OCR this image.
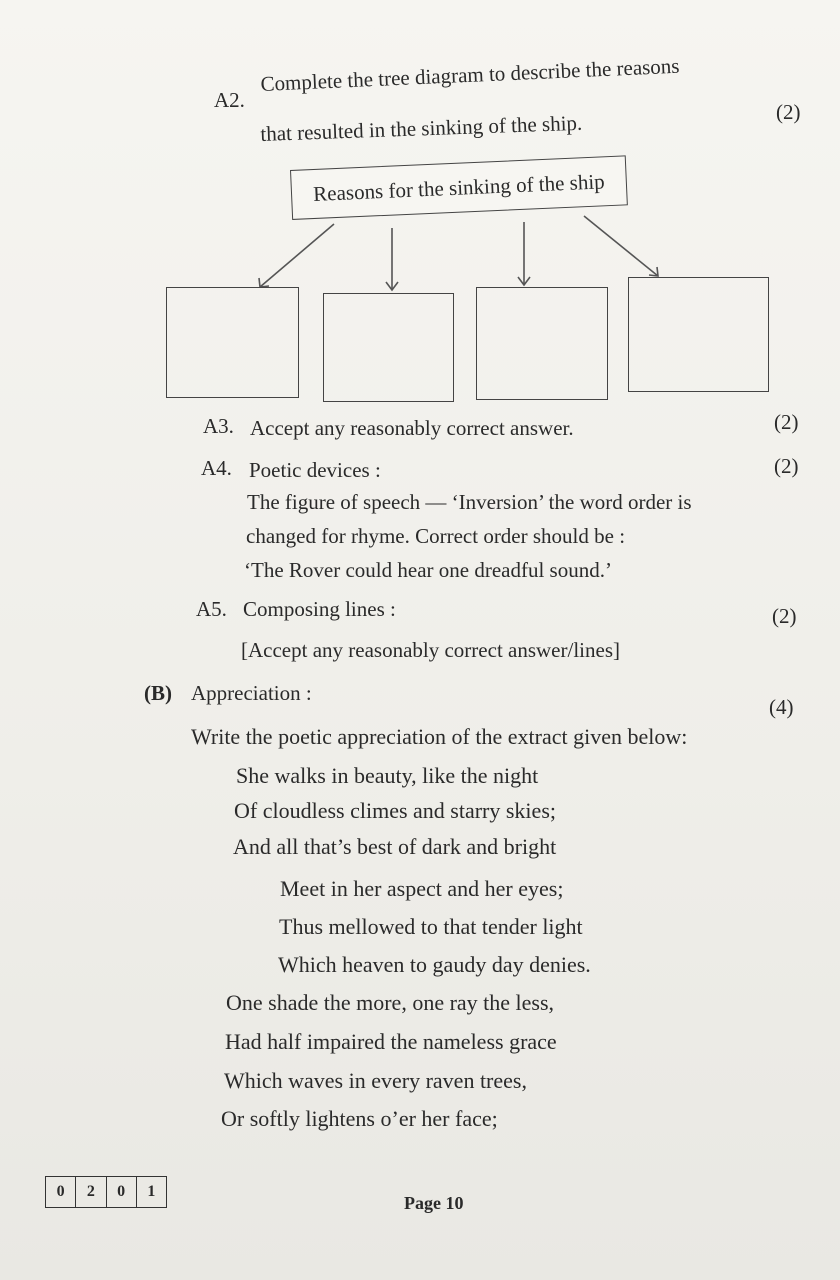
A2.
Complete the tree diagram to describe the reasons
that resulted in the sinking of the ship.	(2)
Reasons for the sinking of the ship
A3. Accept any reasonably correct answer.	(2)
A4. Poetic devices :	(2)
The figure of speech — ‘Inversion’ the word order is
changed for rhyme. Correct order should be :
‘The Rover could hear one dreadful sound.’
A5. Composing lines :	(2)
[Accept any reasonably correct answer/lines]
(B) Appreciation :
(4)
Write the poetic appreciation of the extract given below:
She walks in beauty, like the night
Of cloudless climes and starry skies;
And all that’s best of dark and bright
Meet in her aspect and her eyes;
Thus mellowed to that tender light
Which heaven to gaudy day denies.
One shade the more, one ray the less,
Had half impaired the nameless grace
Which waves in every raven trees,
Or softly lightens o’er her face;
0	2	0	1
Page 10
